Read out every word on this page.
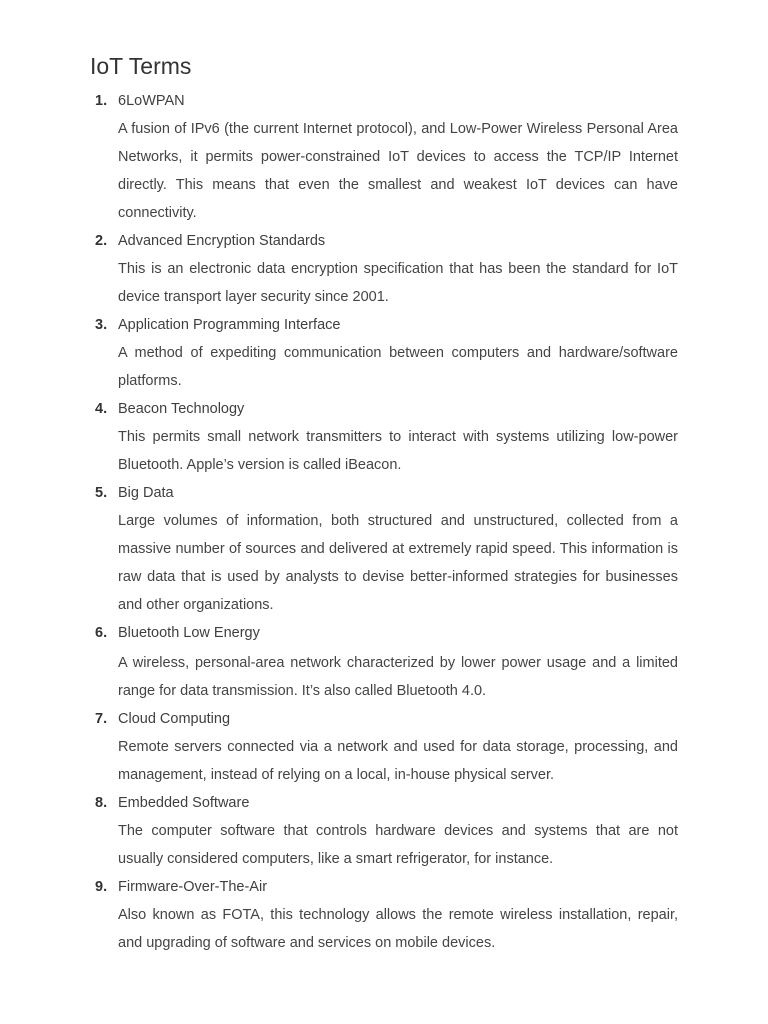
IoT Terms
1. 6LoWPAN

A fusion of IPv6 (the current Internet protocol), and Low-Power Wireless Personal Area Networks, it permits power-constrained IoT devices to access the TCP/IP Internet directly. This means that even the smallest and weakest IoT devices can have connectivity.

2. Advanced Encryption Standards

This is an electronic data encryption specification that has been the standard for IoT device transport layer security since 2001.

3. Application Programming Interface

A method of expediting communication between computers and hardware/software platforms.

4. Beacon Technology

This permits small network transmitters to interact with systems utilizing low-power Bluetooth. Apple’s version is called iBeacon.

5. Big Data

Large volumes of information, both structured and unstructured, collected from a massive number of sources and delivered at extremely rapid speed. This information is raw data that is used by analysts to devise better-informed strategies for businesses and other organizations.

6. Bluetooth Low Energy

A wireless, personal-area network characterized by lower power usage and a limited range for data transmission. It’s also called Bluetooth 4.0.

7. Cloud Computing

Remote servers connected via a network and used for data storage, processing, and management, instead of relying on a local, in-house physical server.

8. Embedded Software

The computer software that controls hardware devices and systems that are not usually considered computers, like a smart refrigerator, for instance.

9. Firmware-Over-The-Air

Also known as FOTA, this technology allows the remote wireless installation, repair, and upgrading of software and services on mobile devices.
